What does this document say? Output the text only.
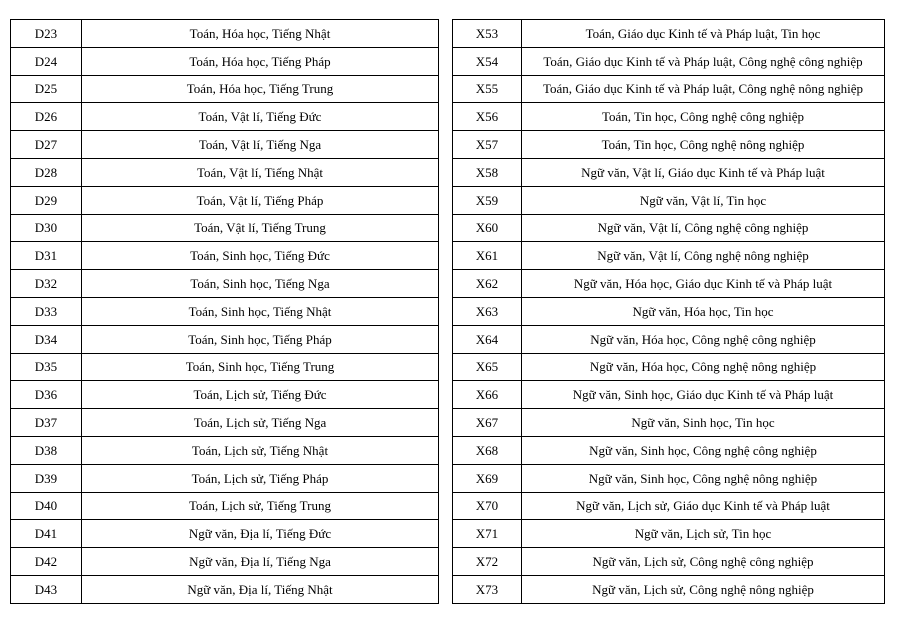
D23	Toán, Hóa học, Tiếng Nhật
D24	Toán, Hóa học, Tiếng Pháp
D25	Toán, Hóa học, Tiếng Trung
D26	Toán, Vật lí, Tiếng Đức
D27	Toán, Vật lí, Tiếng Nga
D28	Toán, Vật lí, Tiếng Nhật
D29	Toán, Vật lí, Tiếng Pháp
D30	Toán, Vật lí, Tiếng Trung
D31	Toán, Sinh học, Tiếng Đức
D32	Toán, Sinh học, Tiếng Nga
D33	Toán, Sinh học, Tiếng Nhật
D34	Toán, Sinh học, Tiếng Pháp
D35	Toán, Sinh học, Tiếng Trung
D36	Toán, Lịch sử, Tiếng Đức
D37	Toán, Lịch sử, Tiếng Nga
D38	Toán, Lịch sử, Tiếng Nhật
D39	Toán, Lịch sử, Tiếng Pháp
D40	Toán, Lịch sử, Tiếng Trung
D41	Ngữ văn, Địa lí, Tiếng Đức
D42	Ngữ văn, Địa lí, Tiếng Nga
D43	Ngữ văn, Địa lí, Tiếng Nhật
X53	Toán, Giáo dục Kinh tế và Pháp luật, Tin học
X54	Toán, Giáo dục Kinh tế và Pháp luật, Công nghệ công nghiệp
X55	Toán, Giáo dục Kinh tế và Pháp luật, Công nghệ nông nghiệp
X56	Toán, Tin học, Công nghệ công nghiệp
X57	Toán, Tin học, Công nghệ nông nghiệp
X58	Ngữ văn, Vật lí, Giáo dục Kinh tế và Pháp luật
X59	Ngữ văn, Vật lí, Tin học
X60	Ngữ văn, Vật lí, Công nghệ công nghiệp
X61	Ngữ văn, Vật lí, Công nghệ nông nghiệp
X62	Ngữ văn, Hóa học, Giáo dục Kinh tế và Pháp luật
X63	Ngữ văn, Hóa học, Tin học
X64	Ngữ văn, Hóa học, Công nghệ công nghiệp
X65	Ngữ văn, Hóa học, Công nghệ nông nghiệp
X66	Ngữ văn, Sinh học, Giáo dục Kinh tế và Pháp luật
X67	Ngữ văn, Sinh học, Tin học
X68	Ngữ văn, Sinh học, Công nghệ công nghiệp
X69	Ngữ văn, Sinh học, Công nghệ nông nghiệp
X70	Ngữ văn, Lịch sử, Giáo dục Kinh tế và Pháp luật
X71	Ngữ văn, Lịch sử, Tin học
X72	Ngữ văn, Lịch sử, Công nghệ công nghiệp
X73	Ngữ văn, Lịch sử, Công nghệ nông nghiệp
